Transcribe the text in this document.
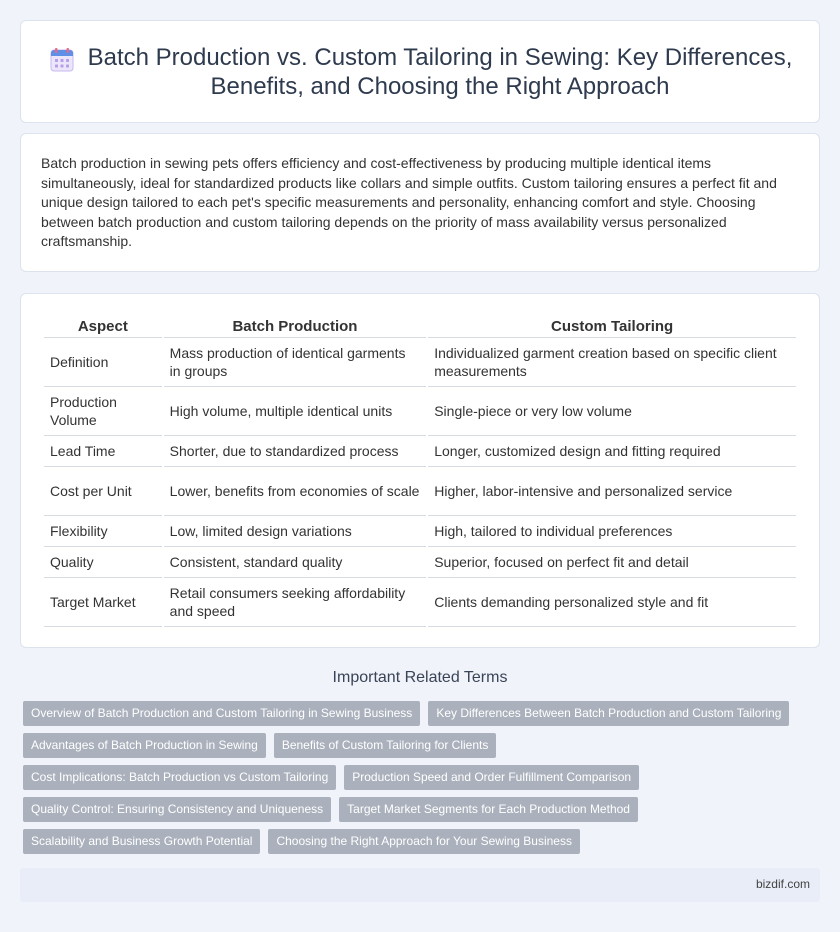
Batch Production vs. Custom Tailoring in Sewing: Key Differences, Benefits, and Choosing the Right Approach

Batch production in sewing pets offers efficiency and cost-effectiveness by producing multiple identical items simultaneously, ideal for standardized products like collars and simple outfits. Custom tailoring ensures a perfect fit and unique design tailored to each pet's specific measurements and personality, enhancing comfort and style. Choosing between batch production and custom tailoring depends on the priority of mass availability versus personalized craftsmanship.

Aspect	Batch Production	Custom Tailoring
Definition	Mass production of identical garments in groups	Individualized garment creation based on specific client measurements
Production Volume	High volume, multiple identical units	Single-piece or very low volume
Lead Time	Shorter, due to standardized process	Longer, customized design and fitting required
Cost per Unit	Lower, benefits from economies of scale	Higher, labor-intensive and personalized service
Flexibility	Low, limited design variations	High, tailored to individual preferences
Quality	Consistent, standard quality	Superior, focused on perfect fit and detail
Target Market	Retail consumers seeking affordability and speed	Clients demanding personalized style and fit
Important Related Terms
Overview of Batch Production and Custom Tailoring in Sewing Business	Key Differences Between Batch Production and Custom Tailoring
Advantages of Batch Production in Sewing	Benefits of Custom Tailoring for Clients
Cost Implications: Batch Production vs Custom Tailoring	Production Speed and Order Fulfillment Comparison
Quality Control: Ensuring Consistency and Uniqueness	Target Market Segments for Each Production Method
Scalability and Business Growth Potential	Choosing the Right Approach for Your Sewing Business
bizdif.com
